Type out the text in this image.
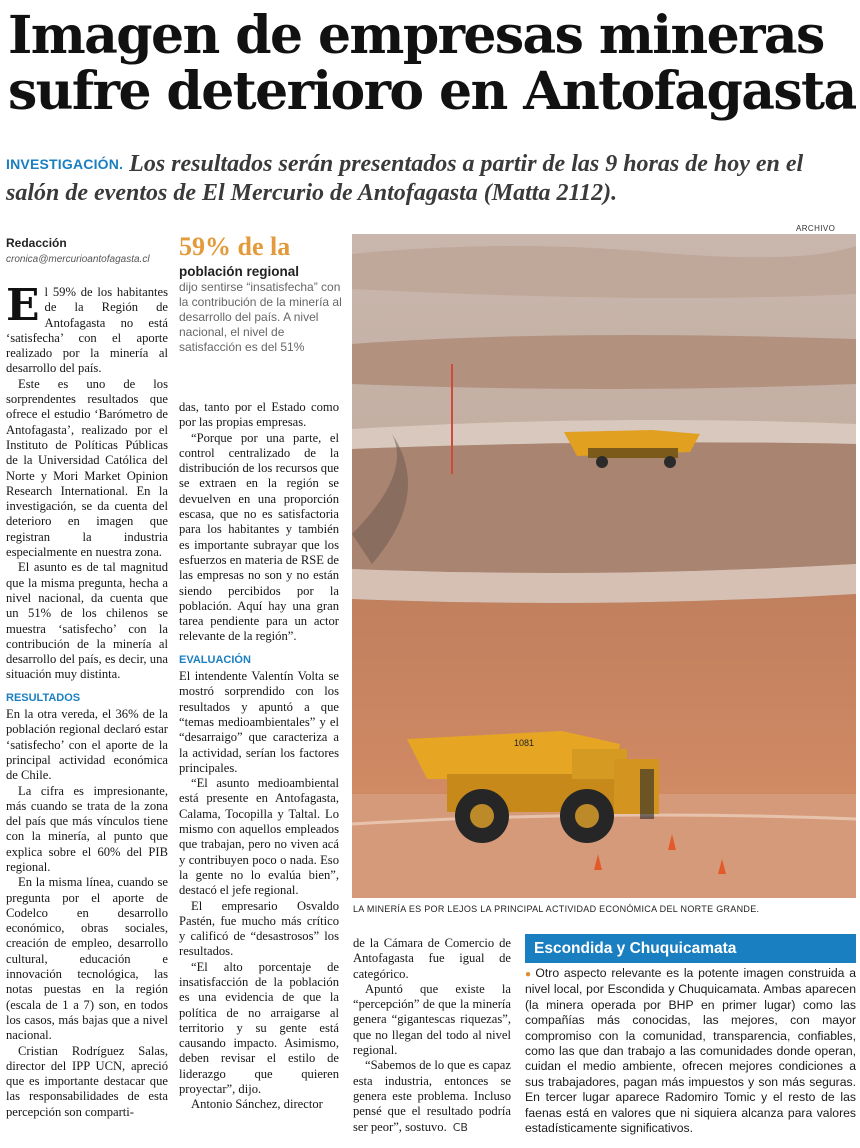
Imagen de empresas mineras
sufre deterioro en Antofagasta
INVESTIGACIÓN. Los resultados serán presentados a partir de las 9 horas de hoy en el salón de eventos de El Mercurio de Antofagasta (Matta 2112).
Redacción
cronica@mercurioantofagasta.cl	59% de la
población regional
dijo sentirse “insatisfecha” con la contribución de la minería al desarrollo del país. A nivel nacional, el nivel de satisfacción es del 51%

El 59% de los habitantes de la Región de Antofagasta no está ‘satisfecha’ con el aporte realizado por la minería al desarrollo del país.

Este es uno de los sorprendentes resultados que ofrece el estudio ‘Barómetro de Antofagasta’, realizado por el Instituto de Políticas Públicas de la Universidad Católica del Norte y Mori Market Opinion Research International. En la investigación, se da cuenta del deterioro en imagen que registran la industria especialmente en nuestra zona.

El asunto es de tal magnitud que la misma pregunta, hecha a nivel nacional, da cuenta que un 51% de los chilenos se muestra ‘satisfecho’ con la contribución de la minería al desarrollo del país, es decir, una situación muy distinta.

RESULTADOS

En la otra vereda, el 36% de la población regional declaró estar ‘satisfecho’ con el aporte de la principal actividad económica de Chile.

La cifra es impresionante, más cuando se trata de la zona del país que más vínculos tiene con la minería, al punto que explica sobre el 60% del PIB regional.

En la misma línea, cuando se pregunta por el aporte de Codelco en desarrollo económico, obras sociales, creación de empleo, desarrollo cultural, educación e innovación tecnológica, las notas puestas en la región (escala de 1 a 7) son, en todos los casos, más bajas que a nivel nacional.

Cristian Rodríguez Salas, director del IPP UCN, apreció que es importante destacar que las responsabilidades de esta percepción son comparti-

das, tanto por el Estado como por las propias empresas.

“Porque por una parte, el control centralizado de la distribución de los recursos que se extraen en la región se devuelven en una proporción escasa, que no es satisfactoria para los habitantes y también es importante subrayar que los esfuerzos en materia de RSE de las empresas no son y no están siendo percibidos por la población. Aquí hay una gran tarea pendiente para un actor relevante de la región”.

EVALUACIÓN

El intendente Valentín Volta se mostró sorprendido con los resultados y apuntó a que “temas medioambientales” y el “desarraigo” que caracteriza a la actividad, serían los factores principales.

“El asunto medioambiental está presente en Antofagasta, Calama, Tocopilla y Taltal. Lo mismo con aquellos empleados que trabajan, pero no viven acá y contribuyen poco o nada. Eso la gente no lo evalúa bien”, destacó el jefe regional.

El empresario Osvaldo Pastén, fue mucho más crítico y calificó de “desastrosos” los resultados.

“El alto porcentaje de insatisfacción de la población es una evidencia de que la política de no arraigarse al territorio y su gente está causando impacto. Asimismo, deben revisar el estilo de liderazgo que quieren proyectar”, dijo.

Antonio Sánchez, director

ARCHIVO
1081
LA MINERÍA ES POR LEJOS LA PRINCIPAL ACTIVIDAD ECONÓMICA DEL NORTE GRANDE.

de la Cámara de Comercio de Antofagasta fue igual de categórico.

Apuntó que existe la “percepción” de que la minería genera “gigantescas riquezas”, que no llegan del todo al nivel regional.

“Sabemos de lo que es capaz esta industria, entonces se genera este problema. Incluso pensé que el resultado podría ser peor”, sostuvo. CB

Escondida y Chuquicamata
● Otro aspecto relevante es la potente imagen construida a nivel local, por Escondida y Chuquicamata. Ambas aparecen (la minera operada por BHP en primer lugar) como las compañías más conocidas, las mejores, con mayor compromiso con la comunidad, transparencia, confiables, como las que dan trabajo a las comunidades donde operan, cuidan el medio ambiente, ofrecen mejores condiciones a sus trabajadores, pagan más impuestos y son más seguras. En tercer lugar aparece Radomiro Tomic y el resto de las faenas está en valores que ni siquiera alcanza para valores estadísticamente significativos.
